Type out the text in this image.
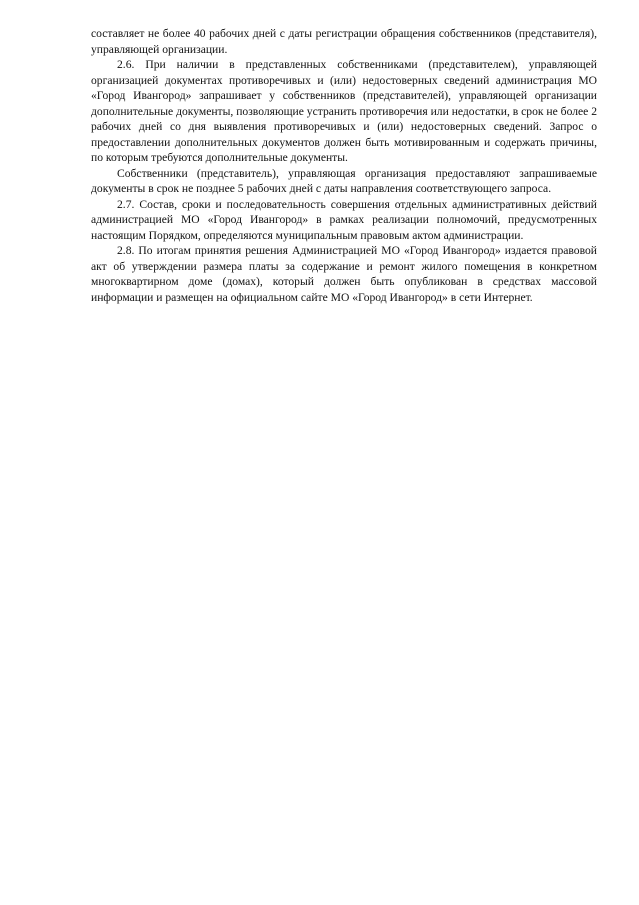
составляет не более 40 рабочих дней с даты регистрации обращения собственников (представителя), управляющей организации.

2.6. При наличии в представленных собственниками (представителем), управляющей организацией документах противоречивых и (или) недостоверных сведений администрация МО «Город Ивангород» запрашивает у собственников (представителей), управляющей организации дополнительные документы, позволяющие устранить противоречия или недостатки, в срок не более 2 рабочих дней со дня выявления противоречивых и (или) недостоверных сведений. Запрос о предоставлении дополнительных документов должен быть мотивированным и содержать причины, по которым требуются дополнительные документы.

Собственники (представитель), управляющая организация предоставляют запрашиваемые документы в срок не позднее 5 рабочих дней с даты направления соответствующего запроса.

2.7. Состав, сроки и последовательность совершения отдельных административных действий администрацией МО «Город Ивангород» в рамках реализации полномочий, предусмотренных настоящим Порядком, определяются муниципальным правовым актом администрации.

2.8. По итогам принятия решения Администрацией МО «Город Ивангород» издается правовой акт об утверждении размера платы за содержание и ремонт жилого помещения в конкретном многоквартирном доме (домах), который должен быть опубликован в средствах массовой информации и размещен на официальном сайте МО «Город Ивангород» в сети Интернет.
